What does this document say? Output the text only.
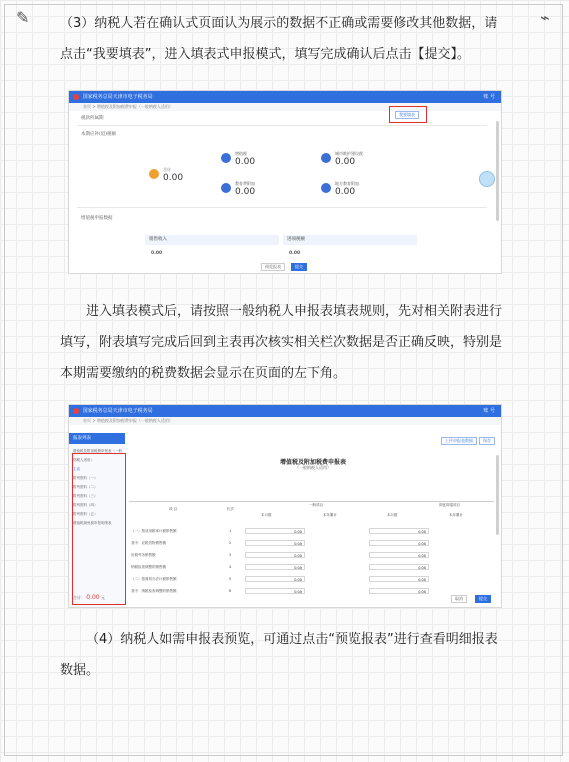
✎	⌁

（3）纳税人若在确认式页面认为展示的数据不正确或需要修改其他数据，请点击“我要填表”，进入填表式申报模式，填写完成确认后点击【提交】。

国家税务总局天津市电子税务局	账 号
首页 > 增值税及附加税费申报（一般纳税人适用）
税款所属期
我要填表
本期应补(退)税额
合计
0.00
增值税
0.00
城市维护建设税
0.00
教育费附加
0.00
地方教育附加
0.00
增值税申报数据
销售收入	进项税额
0.00	0.00
预览报表	提交

进入填表模式后，请按照一般纳税人申报表填表规则，先对相关附表进行填写，附表填写完成后回到主表再次核实相关栏次数据是否正确反映，特别是本期需要缴纳的税费数据会显示在页面的左下角。

国家税务总局天津市电子税务局	账 号
首页 > 增值税及附加税费申报（一般纳税人适用）
报表列表
增值税及附加税费申报表（一般纳税人适用）
主表
附列资料（一）
附列资料（二）
附列资料（三）
附列资料（四）
附列资料（五）
增值税减免税申报明细表
合计： 0.00 元
上传申报表数据	保存
增值税及附加税费申报表
（一般纳税人适用）
项 目	栏次
一般项目	即征即退项目
本月数	本年累计	本月数	本年累计
（一）按适用税率计税销售额	1	0.00	0.00
其中：应税货物销售额	2	0.00	0.00
应税劳务销售额	3	0.00	0.00
纳税检查调整的销售额	4	0.00	0.00
（二）按简易办法计税销售额	5	0.00	0.00
其中：纳税检查调整的销售额	6	0.00	0.00
取消	提交

（4）纳税人如需申报表预览，可通过点击“预览报表”进行查看明细报表数据。
